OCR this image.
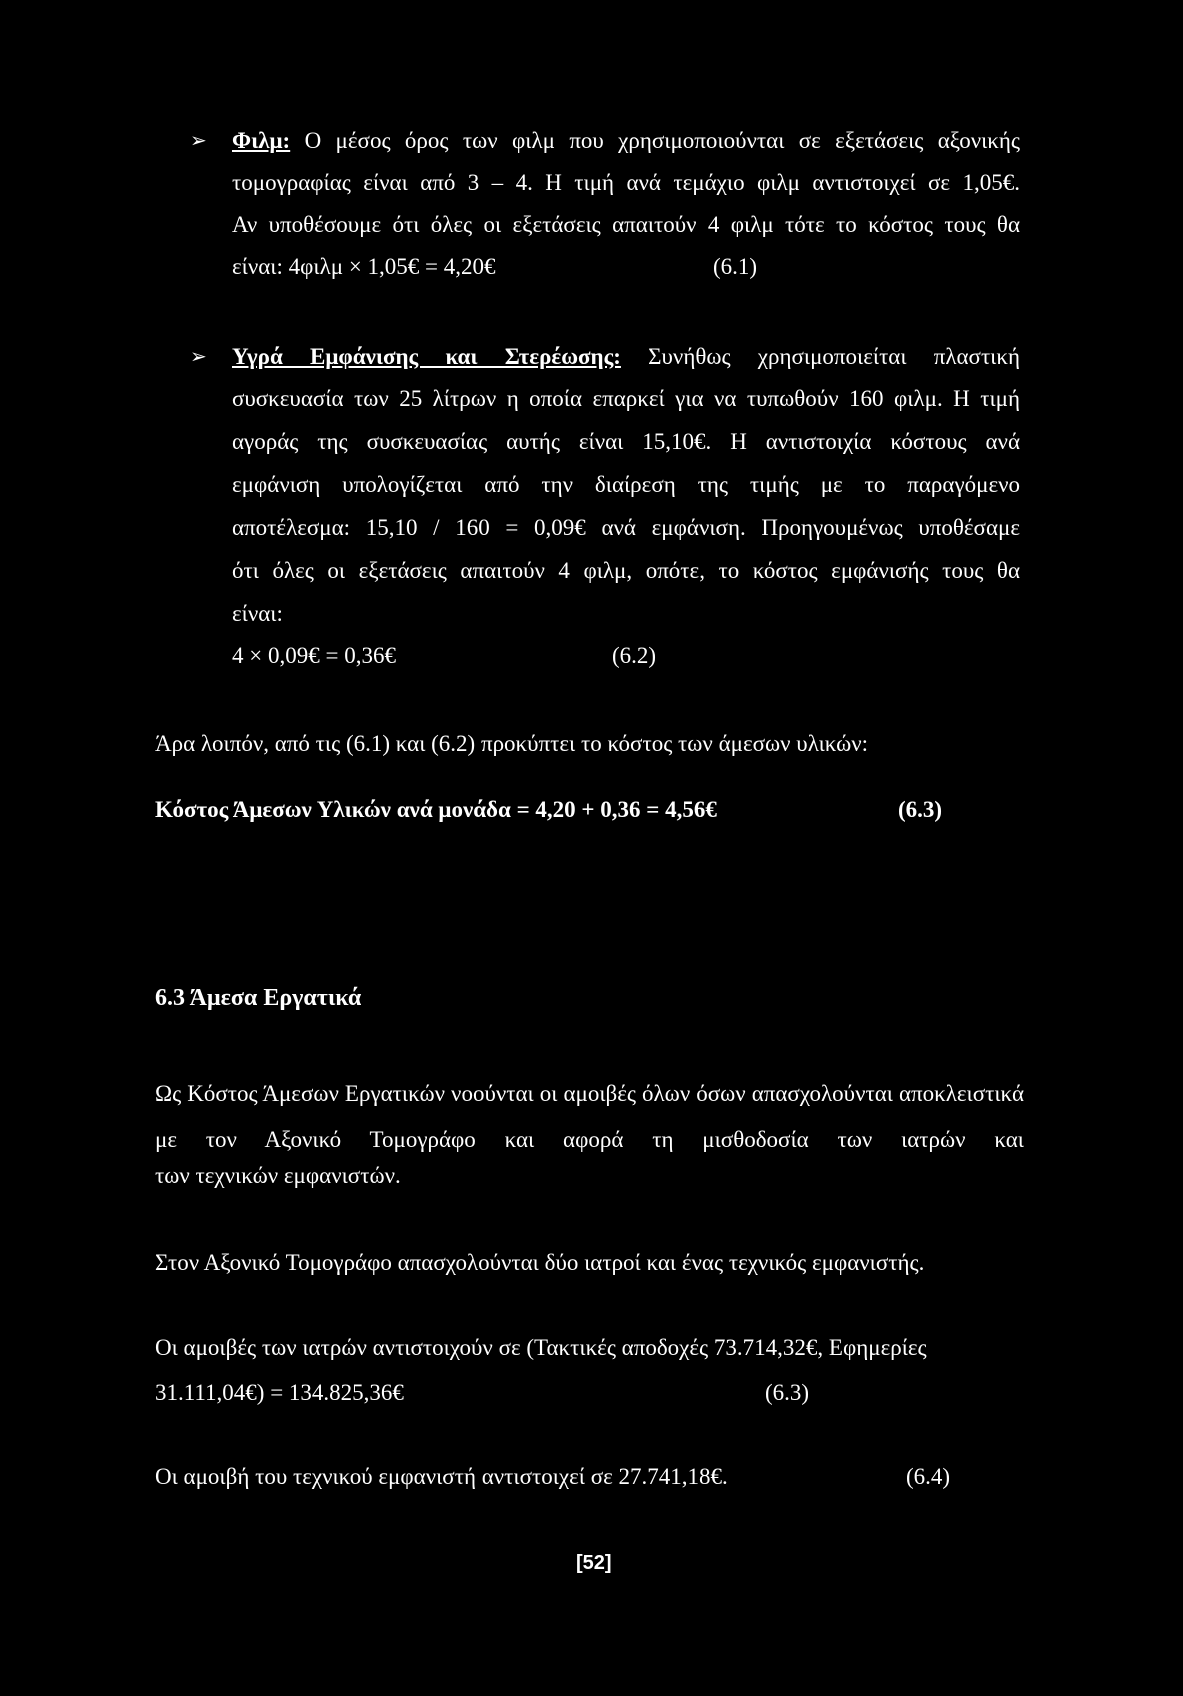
➢ Φιλμ: Ο μέσος όρος των φιλμ που χρησιμοποιούνται σε εξετάσεις αξονικής
τομογραφίας είναι από 3 – 4. Η τιμή ανά τεμάχιο φιλμ αντιστοιχεί σε 1,05€.
Αν υποθέσουμε ότι όλες οι εξετάσεις απαιτούν 4 φιλμ τότε το κόστος τους θα
είναι: 4φιλμ × 1,05€ = 4,20€	(6.1)
➢ Υγρά Εμφάνισης και Στερέωσης: Συνήθως χρησιμοποιείται πλαστική
συσκευασία των 25 λίτρων η οποία επαρκεί για να τυπωθούν 160 φιλμ. Η τιμή
αγοράς της συσκευασίας αυτής είναι 15,10€. Η αντιστοιχία κόστους ανά
εμφάνιση υπολογίζεται από την διαίρεση της τιμής με το παραγόμενο
αποτέλεσμα: 15,10 / 160 = 0,09€ ανά εμφάνιση. Προηγουμένως υποθέσαμε
ότι όλες οι εξετάσεις απαιτούν 4 φιλμ, οπότε, το κόστος εμφάνισής τους θα
είναι:
4 × 0,09€ = 0,36€	(6.2)
Άρα λοιπόν, από τις (6.1) και (6.2) προκύπτει το κόστος των άμεσων υλικών:
Κόστος Άμεσων Υλικών ανά μονάδα = 4,20 + 0,36 = 4,56€	(6.3)
6.3 Άμεσα Εργατικά
Ως Κόστος Άμεσων Εργατικών νοούνται οι αμοιβές όλων όσων απασχολούνται αποκλειστικά με τον Αξονικό Τομογράφο και αφορά τη μισθοδοσία των ιατρών και
των τεχνικών εμφανιστών.
Στον Αξονικό Τομογράφο απασχολούνται δύο ιατροί και ένας τεχνικός εμφανιστής.
Οι αμοιβές των ιατρών αντιστοιχούν σε (Τακτικές αποδοχές 73.714,32€, Εφημερίες
31.111,04€) = 134.825,36€	(6.3)
Οι αμοιβή του τεχνικού εμφανιστή αντιστοιχεί σε 27.741,18€.	(6.4)
[52]
